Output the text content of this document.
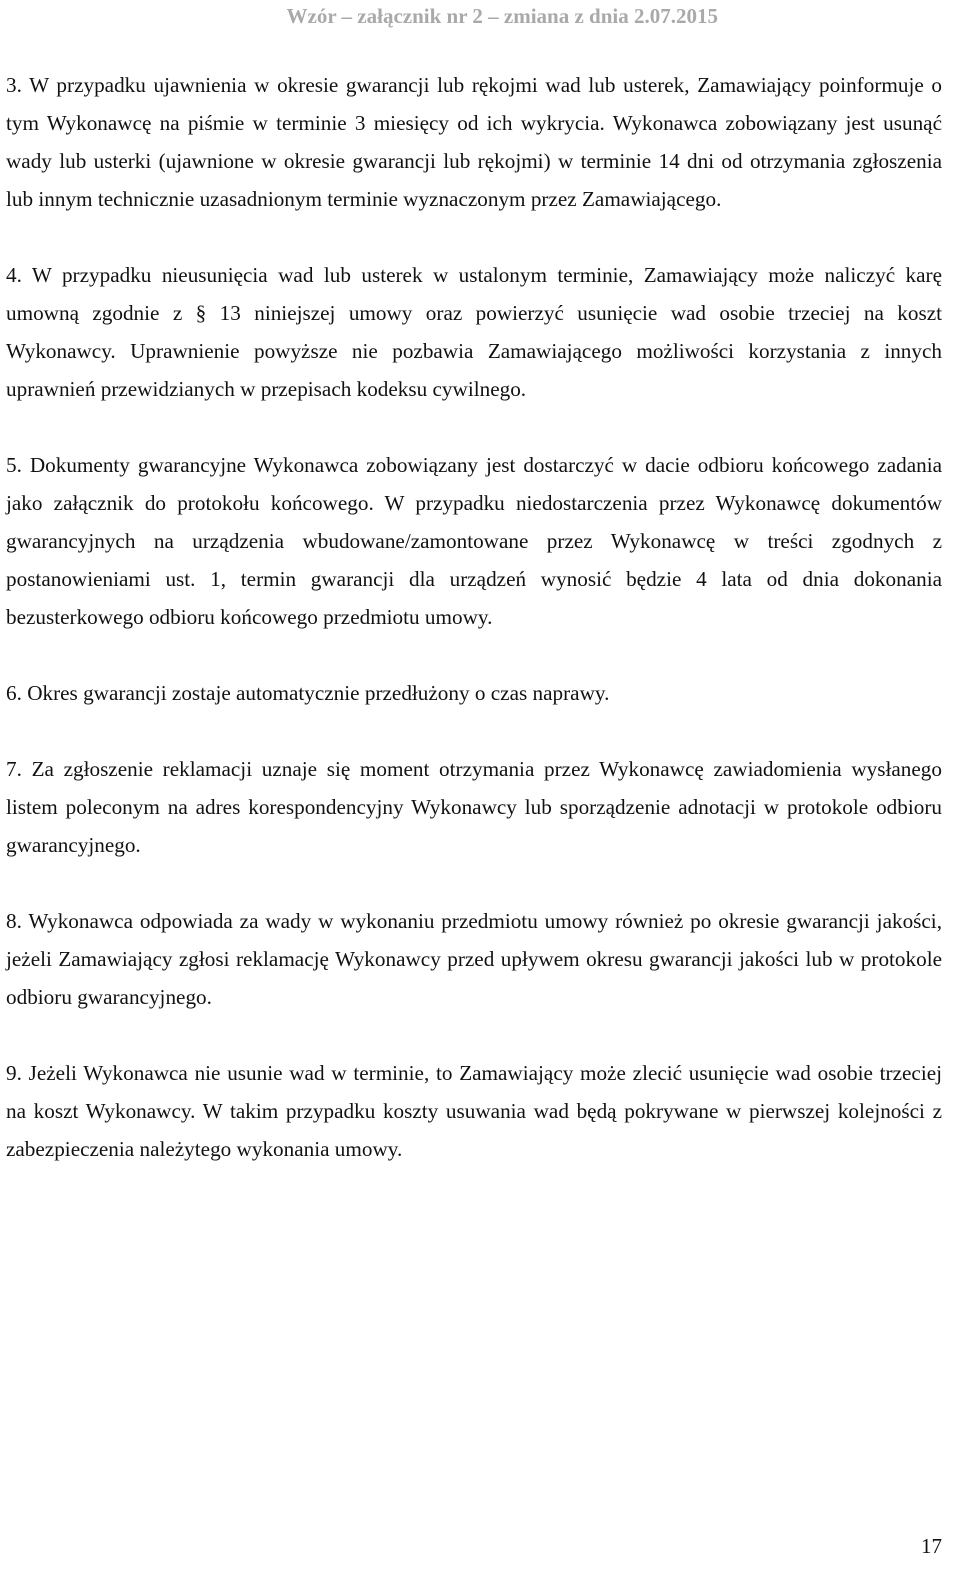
Wzór – załącznik nr 2 – zmiana z dnia 2.07.2015

3. W przypadku ujawnienia w okresie gwarancji lub rękojmi wad lub usterek, Zamawiający poinformuje o tym Wykonawcę na piśmie w terminie 3 miesięcy od ich wykrycia. Wykonawca zobowiązany jest usunąć wady lub usterki (ujawnione w okresie gwarancji lub rękojmi) w terminie 14 dni od otrzymania zgłoszenia lub innym technicznie uzasadnionym terminie wyznaczonym przez Zamawiającego.

4. W przypadku nieusunięcia wad lub usterek w ustalonym terminie, Zamawiający może naliczyć karę umowną zgodnie z § 13 niniejszej umowy oraz powierzyć usunięcie wad osobie trzeciej na koszt Wykonawcy. Uprawnienie powyższe nie pozbawia Zamawiającego możliwości korzystania z innych uprawnień przewidzianych w przepisach kodeksu cywilnego.

5. Dokumenty gwarancyjne Wykonawca zobowiązany jest dostarczyć w dacie odbioru końcowego zadania jako załącznik do protokołu końcowego. W przypadku niedostarczenia przez Wykonawcę dokumentów gwarancyjnych na urządzenia wbudowane/zamontowane przez Wykonawcę w treści zgodnych z postanowieniami ust. 1, termin gwarancji dla urządzeń wynosić będzie 4 lata od dnia dokonania bezusterkowego odbioru końcowego przedmiotu umowy.

6. Okres gwarancji zostaje automatycznie przedłużony o czas naprawy.

7. Za zgłoszenie reklamacji uznaje się moment otrzymania przez Wykonawcę zawiadomienia wysłanego listem poleconym na adres korespondencyjny Wykonawcy lub sporządzenie adnotacji w protokole odbioru gwarancyjnego.

8. Wykonawca odpowiada za wady w wykonaniu przedmiotu umowy również po okresie gwarancji jakości, jeżeli Zamawiający zgłosi reklamację Wykonawcy przed upływem okresu gwarancji jakości lub w protokole odbioru gwarancyjnego.

9. Jeżeli Wykonawca nie usunie wad w terminie, to Zamawiający może zlecić usunięcie wad osobie trzeciej na koszt Wykonawcy. W takim przypadku koszty usuwania wad będą pokrywane w pierwszej kolejności z zabezpieczenia należytego wykonania umowy.

17
